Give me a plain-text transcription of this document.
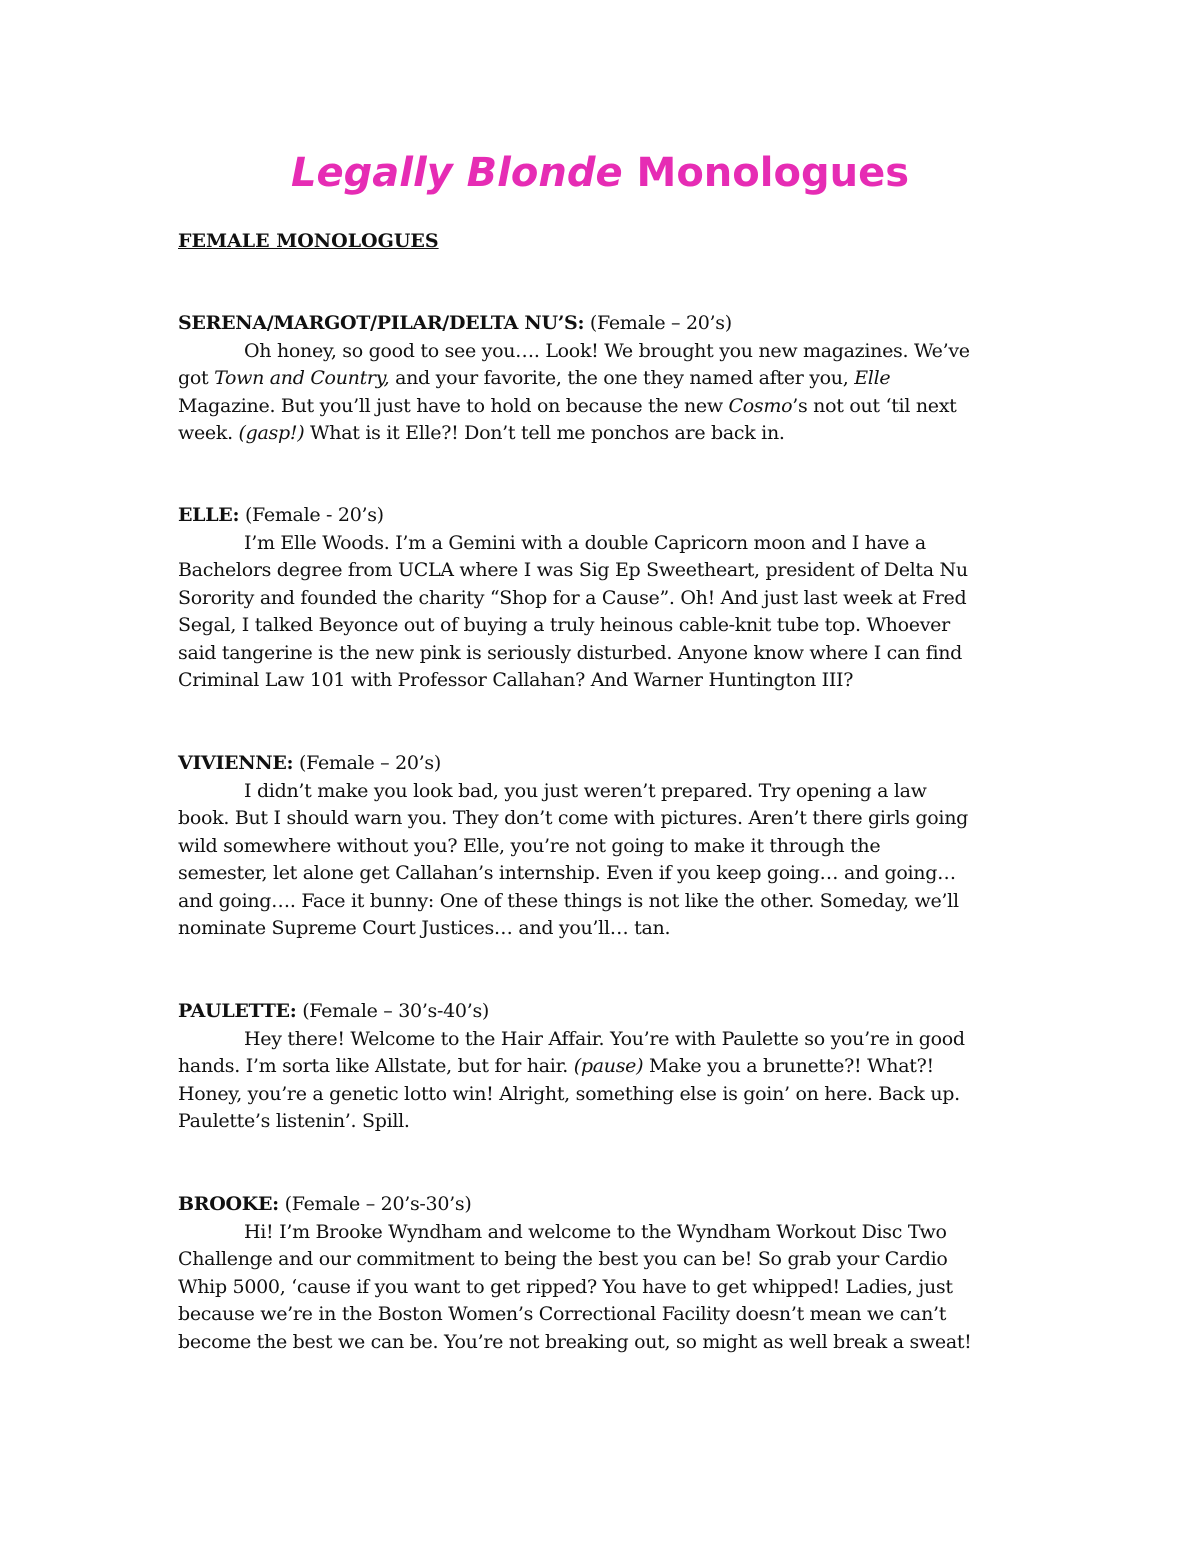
Legally Blonde Monologues
FEMALE MONOLOGUES

SERENA/MARGOT/PILAR/DELTA NU’S: (Female – 20’s)

Oh honey, so good to see you…. Look! We brought you new magazines. We’ve
got Town and Country, and your favorite, the one they named after you, Elle
Magazine. But you’ll just have to hold on because the new Cosmo’s not out ‘til next
week. (gasp!) What is it Elle?! Don’t tell me ponchos are back in.

ELLE: (Female - 20’s)

I’m Elle Woods. I’m a Gemini with a double Capricorn moon and I have a
Bachelors degree from UCLA where I was Sig Ep Sweetheart, president of Delta Nu
Sorority and founded the charity “Shop for a Cause”. Oh! And just last week at Fred
Segal, I talked Beyonce out of buying a truly heinous cable-knit tube top. Whoever
said tangerine is the new pink is seriously disturbed. Anyone know where I can find
Criminal Law 101 with Professor Callahan? And Warner Huntington III?

VIVIENNE: (Female – 20’s)

I didn’t make you look bad, you just weren’t prepared. Try opening a law
book. But I should warn you. They don’t come with pictures. Aren’t there girls going
wild somewhere without you? Elle, you’re not going to make it through the
semester, let alone get Callahan’s internship. Even if you keep going… and going…
and going…. Face it bunny: One of these things is not like the other. Someday, we’ll
nominate Supreme Court Justices… and you’ll… tan.

PAULETTE: (Female – 30’s-40’s)

Hey there! Welcome to the Hair Affair. You’re with Paulette so you’re in good
hands. I’m sorta like Allstate, but for hair. (pause) Make you a brunette?! What?!
Honey, you’re a genetic lotto win! Alright, something else is goin’ on here. Back up.
Paulette’s listenin’. Spill.

BROOKE: (Female – 20’s-30’s)

Hi! I’m Brooke Wyndham and welcome to the Wyndham Workout Disc Two
Challenge and our commitment to being the best you can be! So grab your Cardio
Whip 5000, ‘cause if you want to get ripped? You have to get whipped! Ladies, just
because we’re in the Boston Women’s Correctional Facility doesn’t mean we can’t
become the best we can be. You’re not breaking out, so might as well break a sweat!
